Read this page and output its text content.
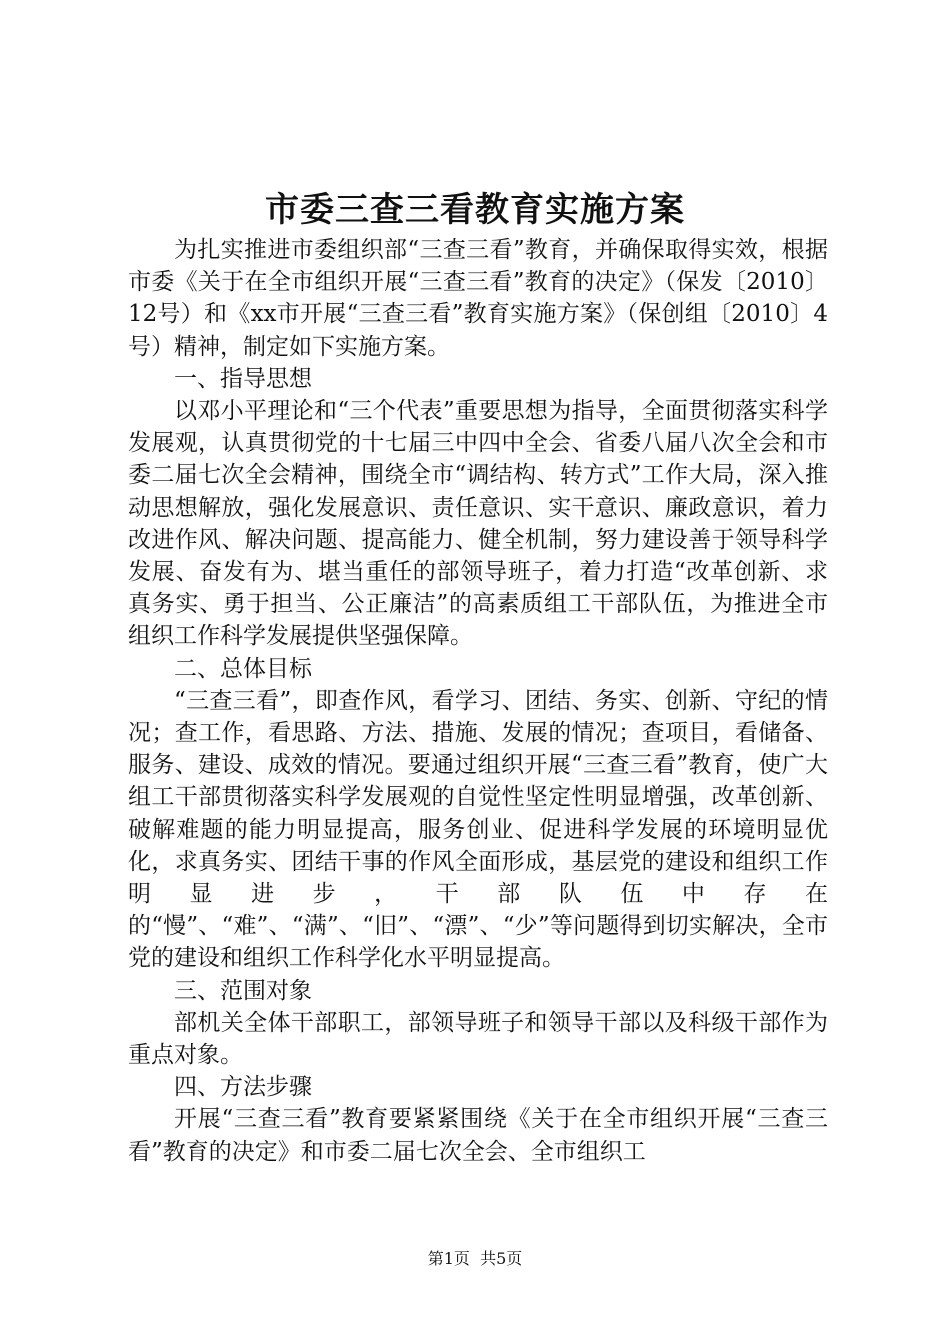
市委三查三看教育实施方案

为扎实推进市委组织部“三查三看”教育，并确保取得实效，根据市委《关于在全市组织开展“三查三看”教育的决定》（保发〔2010〕12号）和《xx市开展“三查三看”教育实施方案》（保创组〔2010〕4号）精神，制定如下实施方案。

一、指导思想

以邓小平理论和“三个代表”重要思想为指导，全面贯彻落实科学发展观，认真贯彻党的十七届三中四中全会、省委八届八次全会和市委二届七次全会精神，围绕全市“调结构、转方式”工作大局，深入推动思想解放，强化发展意识、责任意识、实干意识、廉政意识，着力改进作风、解决问题、提高能力、健全机制，努力建设善于领导科学发展、奋发有为、堪当重任的部领导班子，着力打造“改革创新、求真务实、勇于担当、公正廉洁”的高素质组工干部队伍，为推进全市组织工作科学发展提供坚强保障。

二、总体目标

“三查三看”，即查作风，看学习、团结、务实、创新、守纪的情况；查工作，看思路、方法、措施、发展的情况；查项目，看储备、服务、建设、成效的情况。要通过组织开展“三查三看”教育，使广大组工干部贯彻落实科学发展观的自觉性坚定性明显增强，改革创新、破解难题的能力明显提高，服务创业、促进科学发展的环境明显优化，求真务实、团结干事的作风全面形成，基层党的建设和组织工作明显进步，干部队伍中存在的“慢”、“难”、“满”、“旧”、“漂”、“少”等问题得到切实解决，全市党的建设和组织工作科学化水平明显提高。

三、范围对象

部机关全体干部职工，部领导班子和领导干部以及科级干部作为重点对象。

四、方法步骤

开展“三查三看”教育要紧紧围绕《关于在全市组织开展“三查三看”教育的决定》和市委二届七次全会、全市组织工

第1页  共5页
